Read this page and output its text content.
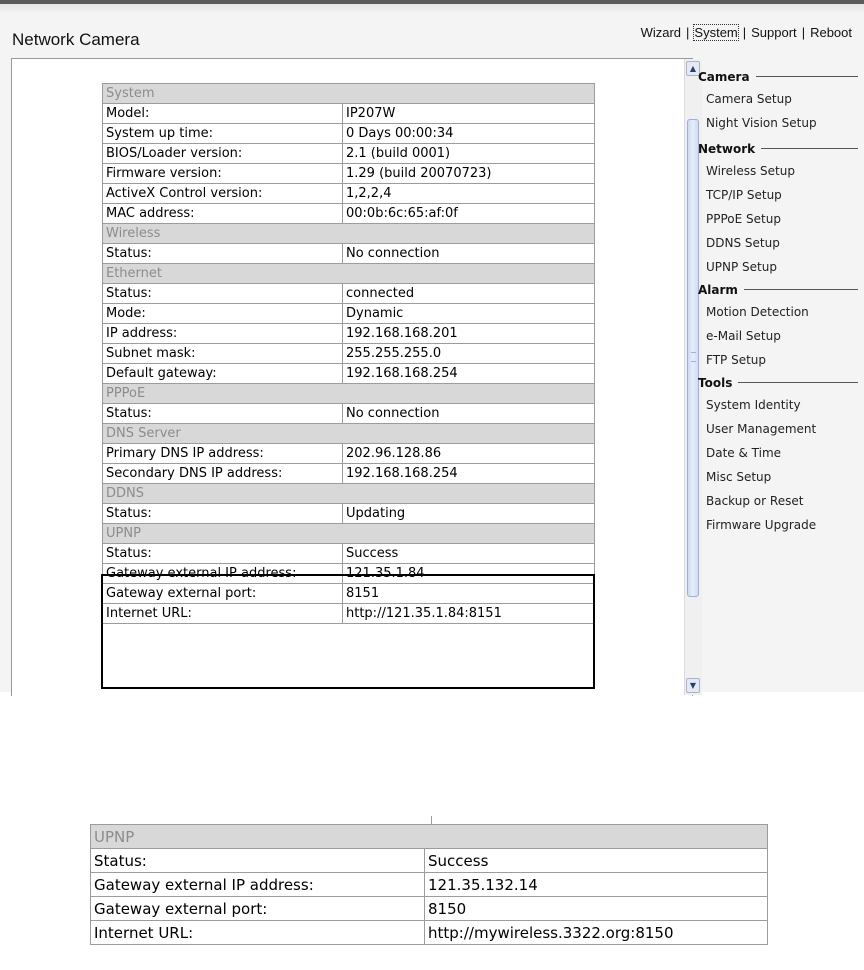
Network Camera	Wizard | System | Support | Reboot
System	
Model:	IP207W
System up time:	0 Days 00:00:34
BIOS/Loader version:	2.1 (build 0001)
Firmware version:	1.29 (build 20070723)
ActiveX Control version:	1,2,2,4
MAC address:	00:0b:6c:65:af:0f
Wireless	
Status:	No connection
Ethernet	
Status:	connected
Mode:	Dynamic
IP address:	192.168.168.201
Subnet mask:	255.255.255.0
Default gateway:	192.168.168.254
PPPoE	
Status:	No connection
DNS Server	
Primary DNS IP address:	202.96.128.86
Secondary DNS IP address:	192.168.168.254
DDNS	
Status:	Updating
UPNP	
Status:	Success
Gateway external IP address:	121.35.1.84
Gateway external port:	8151
Internet URL:	http://121.35.1.84:8151
▲
▼
Camera
Camera Setup
Night Vision Setup
Network
Wireless Setup
TCP/IP Setup
PPPoE Setup
DDNS Setup
UPNP Setup
Alarm
Motion Detection
e-Mail Setup
FTP Setup
Tools
System Identity
User Management
Date & Time
Misc Setup
Backup or Reset
Firmware Upgrade
UPNP	
Status:	Success
Gateway external IP address:	121.35.132.14
Gateway external port:	8150
Internet URL:	http://mywireless.3322.org:8150
